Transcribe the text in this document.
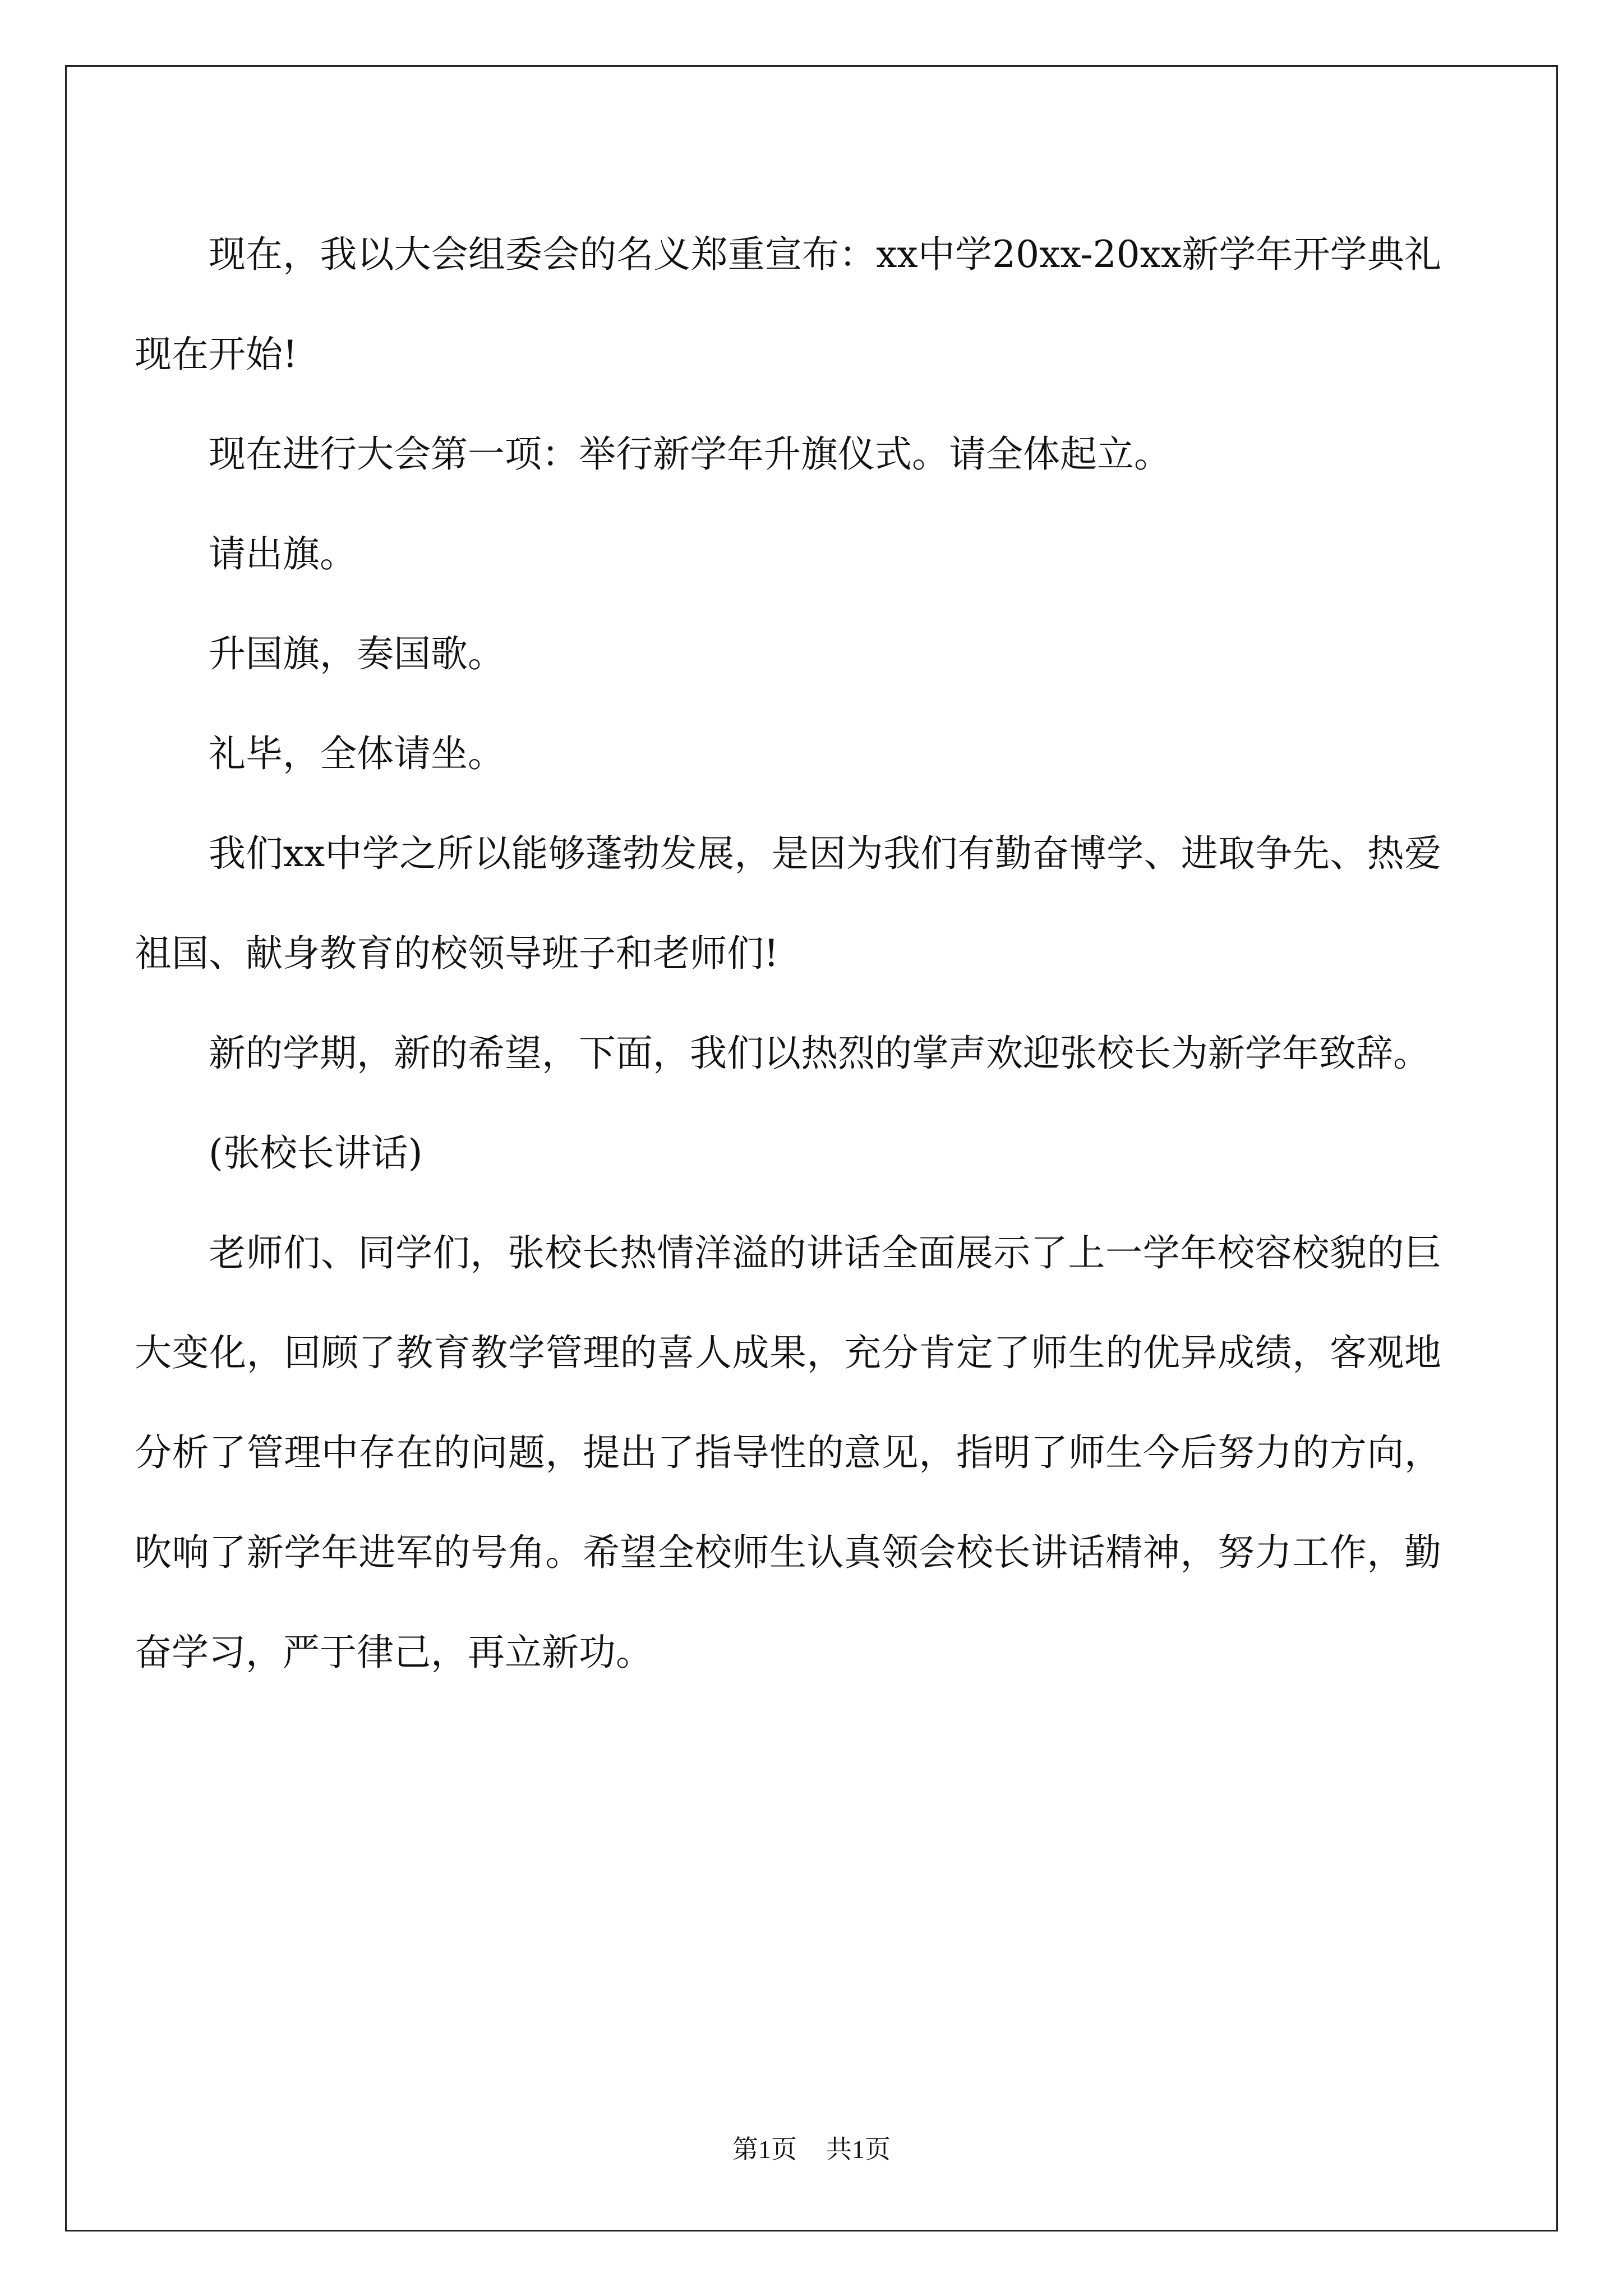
现在，我以大会组委会的名义郑重宣布：xx中学20xx-20xx新学年开学典礼现在开始!

现在进行大会第一项：举行新学年升旗仪式。请全体起立。

请出旗。

升国旗，奏国歌。

礼毕，全体请坐。

我们xx中学之所以能够蓬勃发展，是因为我们有勤奋博学、进取争先、热爱祖国、献身教育的校领导班子和老师们!

新的学期，新的希望，下面，我们以热烈的掌声欢迎张校长为新学年致辞。

(张校长讲话)

老师们、同学们，张校长热情洋溢的讲话全面展示了上一学年校容校貌的巨大变化，回顾了教育教学管理的喜人成果，充分肯定了师生的优异成绩，客观地分析了管理中存在的问题，提出了指导性的意见，指明了师生今后努力的方向，吹响了新学年进军的号角。希望全校师生认真领会校长讲话精神，努力工作，勤奋学习，严于律己，再立新功。

第1页 共1页
